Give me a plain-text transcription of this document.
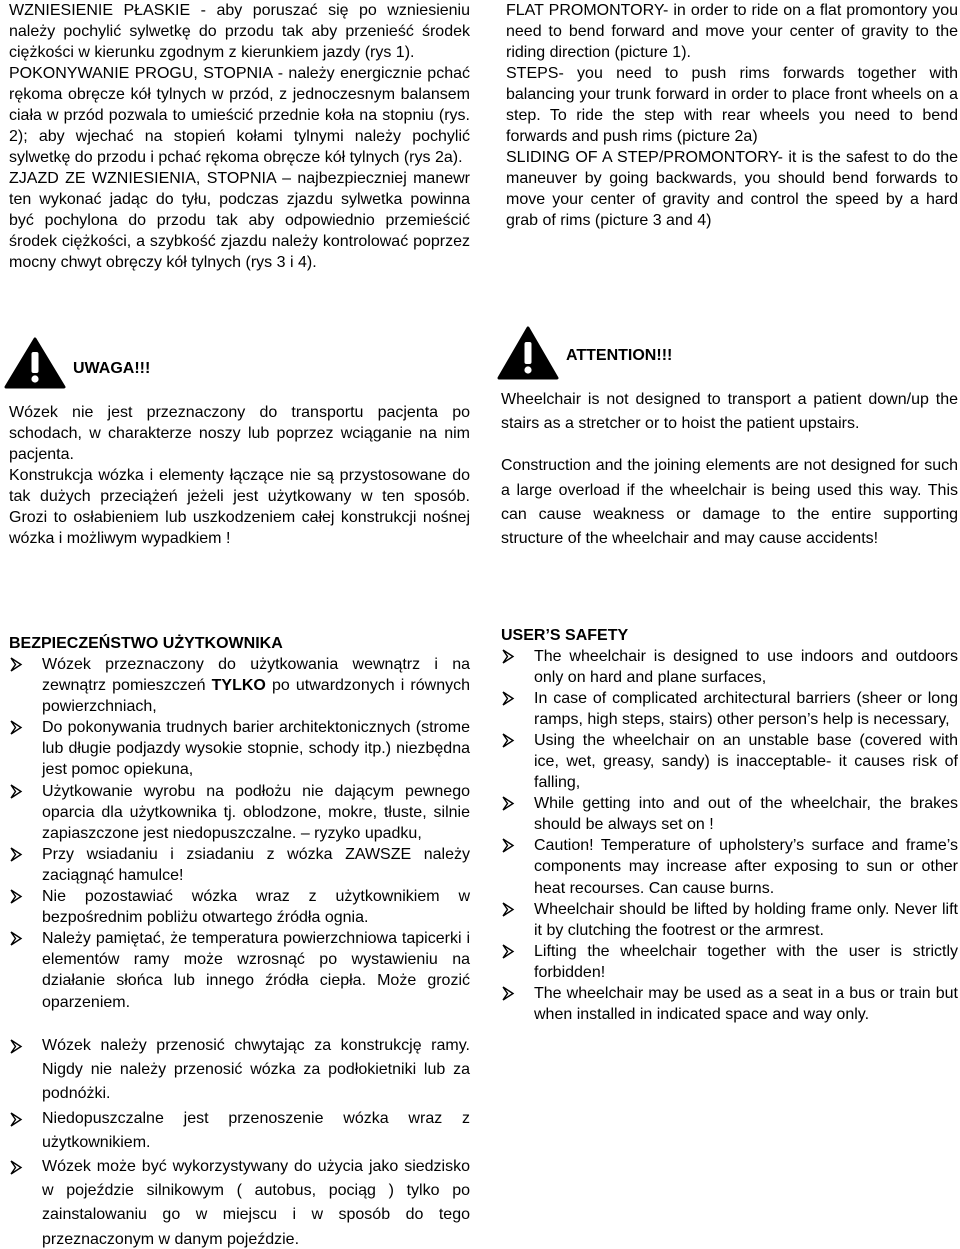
WZNIESIENIE PŁASKIE - aby poruszać się po wzniesieniu należy pochylić sylwetkę do przodu tak aby przenieść środek ciężkości w kierunku zgodnym z kierunkiem jazdy (rys 1).

POKONYWANIE PROGU, STOPNIA - należy energicznie pchać rękoma obręcze kół tylnych w przód, z jednoczesnym balansem ciała w przód pozwala to umieścić przednie koła na stopniu (rys. 2); aby wjechać na stopień kołami tylnymi należy pochylić sylwetkę do przodu i pchać rękoma obręcze kół tylnych (rys 2a).

ZJAZD ZE WZNIESIENIA, STOPNIA – najbezpieczniej manewr ten wykonać jadąc do tyłu, podczas zjazdu sylwetka powinna być pochylona do przodu tak aby odpowiednio przemieścić środek ciężkości, a szybkość zjazdu należy kontrolować poprzez mocny chwyt obręczy kół tylnych (rys 3 i 4).

UWAGA!!!

Wózek nie jest przeznaczony do transportu pacjenta po schodach, w charakterze noszy lub poprzez wciąganie na nim pacjenta.

Konstrukcja wózka i elementy łączące nie są przystosowane do tak dużych przeciążeń jeżeli jest użytkowany w ten sposób. Grozi to osłabieniem lub uszkodzeniem całej konstrukcji nośnej wózka i możliwym wypadkiem !

BEZPIECZEŃSTWO UŻYTKOWNIKA
Wózek przeznaczony do użytkowania wewnątrz i na zewnątrz pomieszczeń TYLKO po utwardzonych i równych powierzchniach,
Do pokonywania trudnych barier architektonicznych (strome lub długie podjazdy wysokie stopnie, schody itp.) niezbędna jest pomoc opiekuna,
Użytkowanie wyrobu na podłożu nie dającym pewnego oparcia dla użytkownika tj. oblodzone, mokre, tłuste, silnie zapiaszczone jest niedopuszczalne. – ryzyko upadku,
Przy wsiadaniu i zsiadaniu z wózka ZAWSZE należy zaciągnąć hamulce!
Nie pozostawiać wózka wraz z użytkownikiem w bezpośrednim pobliżu otwartego źródła ognia.
Należy pamiętać, że temperatura powierzchniowa tapicerki i elementów ramy może wzrosnąć po wystawieniu na działanie słońca lub innego źródła ciepła. Może grozić oparzeniem.
Wózek należy przenosić chwytając za konstrukcję ramy. Nigdy nie należy przenosić wózka za podłokietniki lub za podnóżki.
Niedopuszczalne jest przenoszenie wózka wraz z użytkownikiem.
Wózek może być wykorzystywany do użycia jako siedzisko w pojeździe silnikowym ( autobus, pociąg ) tylko po zainstalowaniu go w miejscu i w sposób do tego przeznaczonym w danym pojeździe.

FLAT PROMONTORY- in order to ride on a flat promontory you need to bend forward and move your center of gravity to the riding direction (picture 1).

STEPS- you need to push rims forwards together with balancing your trunk forward in order to place front wheels on a step. To ride the step with rear wheels you need to bend forwards and push rims (picture 2a)

SLIDING OF A STEP/PROMONTORY- it is the safest to do the maneuver by going backwards, you should bend forwards to move your center of gravity and control the speed by a hard grab of rims (picture 3 and 4)

ATTENTION!!!

Wheelchair is not designed to transport a patient down/up the stairs as a stretcher or to hoist the patient upstairs.

Construction and the joining elements are not designed for such a large overload if the wheelchair is being used this way. This can cause weakness or damage to the entire supporting structure of the wheelchair and may cause accidents!

USER’S SAFETY
The wheelchair is designed to use indoors and outdoors only on hard and plane surfaces,
In case of complicated architectural barriers (sheer or long ramps, high steps, stairs) other person’s help is necessary,
Using the wheelchair on an unstable base (covered with ice, wet, greasy, sandy) is inacceptable- it causes risk of falling,
While getting into and out of the wheelchair, the brakes should be always set on !
Caution! Temperature of upholstery’s surface and frame’s components may increase after exposing to sun or other heat recourses. Can cause burns.
Wheelchair should be lifted by holding frame only. Never lift it by clutching the footrest or the armrest.
Lifting the wheelchair together with the user is strictly forbidden!
The wheelchair may be used as a seat in a bus or train but when installed in indicated space and way only.
